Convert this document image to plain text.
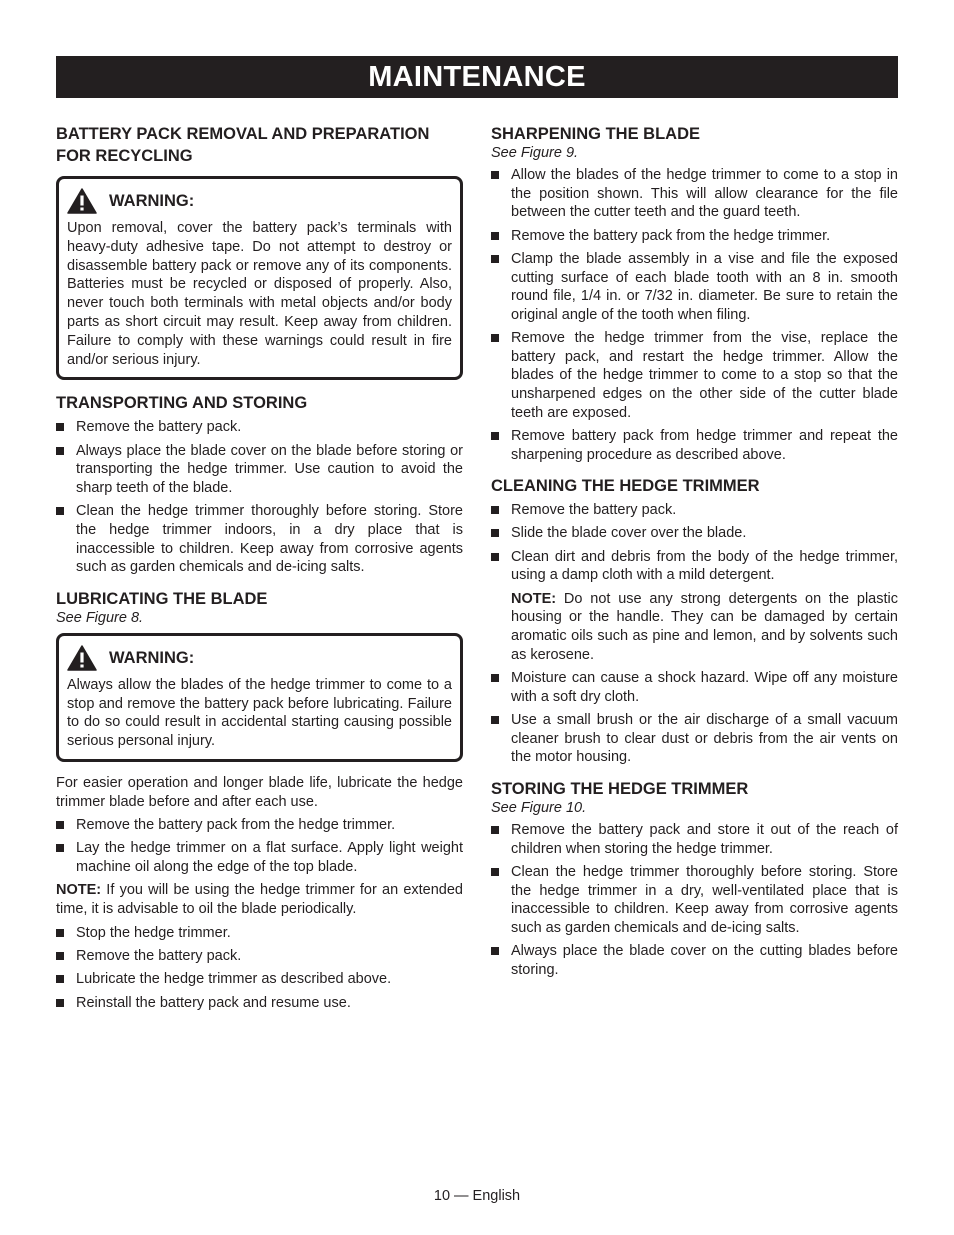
MAINTENANCE
BATTERY PACK REMOVAL AND PREPARATION FOR RECYCLING
WARNING:

Upon removal, cover the battery pack’s terminals with heavy-duty adhesive tape. Do not attempt to destroy or disassemble battery pack or remove any of its components. Batteries must be recycled or disposed of properly. Also, never touch both terminals with metal objects and/or body parts as short circuit may result. Keep away from children. Failure to comply with these warnings could result in fire and/or serious injury.

TRANSPORTING AND STORING
Remove the battery pack.
Always place the blade cover on the blade before storing or transporting the hedge trimmer. Use caution to avoid the sharp teeth of the blade.
Clean the hedge trimmer thoroughly before storing. Store the hedge trimmer indoors, in a dry place that is inaccessible to children. Keep away from corrosive agents such as garden chemicals and de-icing salts.
LUBRICATING THE BLADE
See Figure 8.
WARNING:

Always allow the blades of the hedge trimmer to come to a stop and remove the battery pack before lubricating. Failure to do so could result in accidental starting causing possible serious personal injury.

For easier operation and longer blade life, lubricate the hedge trimmer blade before and after each use.

Remove the battery pack from the hedge trimmer.
Lay the hedge trimmer on a flat surface. Apply light weight machine oil along the edge of the top blade.

NOTE: If you will be using the hedge trimmer for an extended time, it is advisable to oil the blade periodically.

Stop the hedge trimmer.
Remove the battery pack.
Lubricate the hedge trimmer as described above.
Reinstall the battery pack and resume use.
SHARPENING THE BLADE
See Figure 9.
Allow the blades of the hedge trimmer to come to a stop in the position shown. This will allow clearance for the file between the cutter teeth and the guard teeth.
Remove the battery pack from the hedge trimmer.
Clamp the blade assembly in a vise and file the exposed cutting surface of each blade tooth with an 8 in. smooth round file, 1/4 in. or 7/32 in. diameter. Be sure to retain the original angle of the tooth when filing.
Remove the hedge trimmer from the vise, replace the battery pack, and restart the hedge trimmer. Allow the blades of the hedge trimmer to come to a stop so that the unsharpened edges on the other side of the cutter blade teeth are exposed.
Remove battery pack from hedge trimmer and repeat the sharpening procedure as described above.
CLEANING THE HEDGE TRIMMER
Remove the battery pack.
Slide the blade cover over the blade.
Clean dirt and debris from the body of the hedge trimmer, using a damp cloth with a mild detergent.

NOTE: Do not use any strong detergents on the plastic housing or the handle. They can be damaged by certain aromatic oils such as pine and lemon, and by solvents such as kerosene.

Moisture can cause a shock hazard. Wipe off any moisture with a soft dry cloth.
Use a small brush or the air discharge of a small vacuum cleaner brush to clear dust or debris from the air vents on the motor housing.
STORING THE HEDGE TRIMMER
See Figure 10.
Remove the battery pack and store it out of the reach of children when storing the hedge trimmer.
Clean the hedge trimmer thoroughly before storing. Store the hedge trimmer in a dry, well-ventilated place that is inaccessible to children. Keep away from corrosive agents such as garden chemicals and de-icing salts.
Always place the blade cover on the cutting blades before storing.
10 — English
